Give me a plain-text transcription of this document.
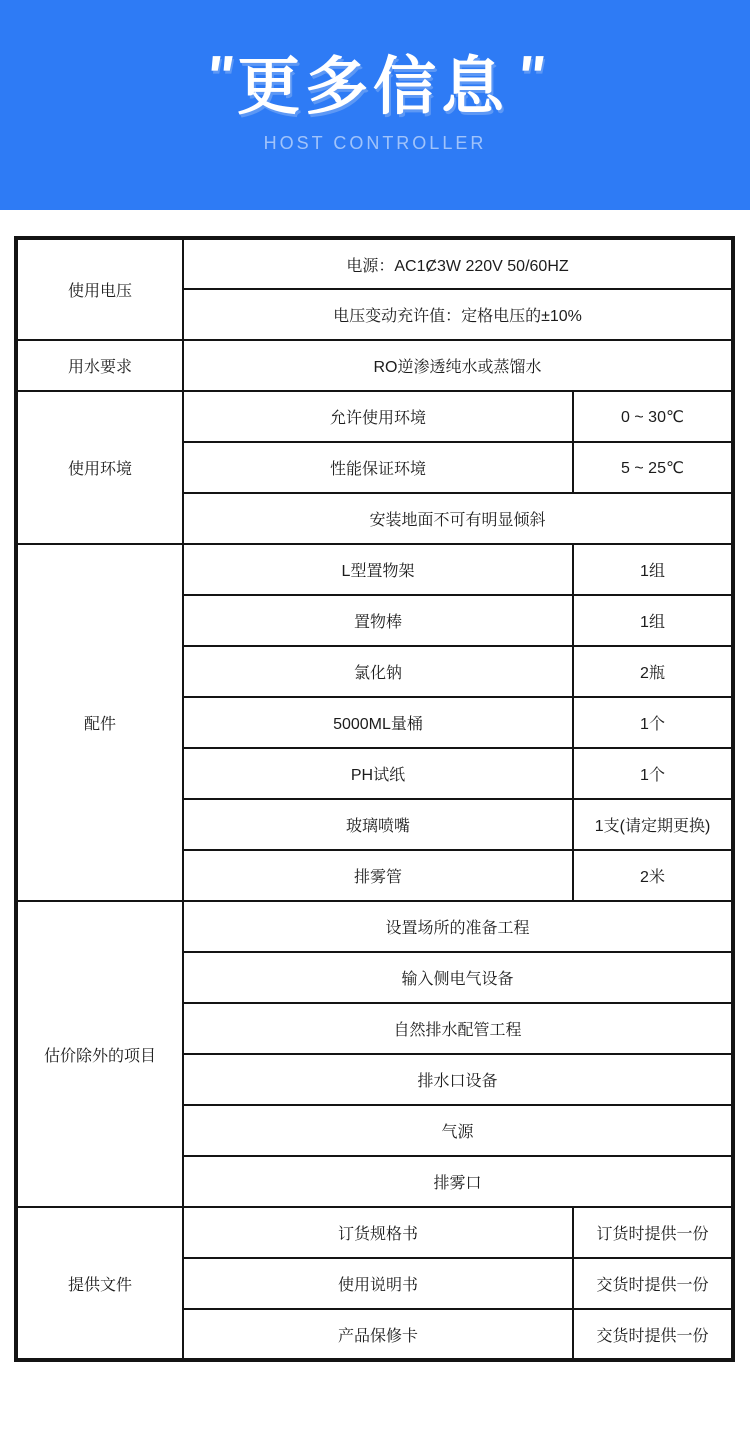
"更多信息"
HOST CONTROLLER
使用电压	电源：AC1Ȼ3W 220V 50/60HZ	
	电压变动充许值：定格电压的±10%	
用水要求	RO逆渗透纯水或蒸馏水	
使用环境	允许使用环境	0 ~ 30℃
	性能保证环境	5 ~ 25℃
	安装地面不可有明显倾斜	
配件	L型置物架	1组
	置物棒	1组
	氯化钠	2瓶
	5000ML量桶	1个
	PH试纸	1个
	玻璃喷嘴	1支(请定期更换)
	排雾管	2米
估价除外的项目	设置场所的准备工程	
	输入侧电气设备	
	自然排水配管工程	
	排水口设备	
	气源	
	排雾口	
提供文件	订货规格书	订货时提供一份
	使用说明书	交货时提供一份
	产品保修卡	交货时提供一份
